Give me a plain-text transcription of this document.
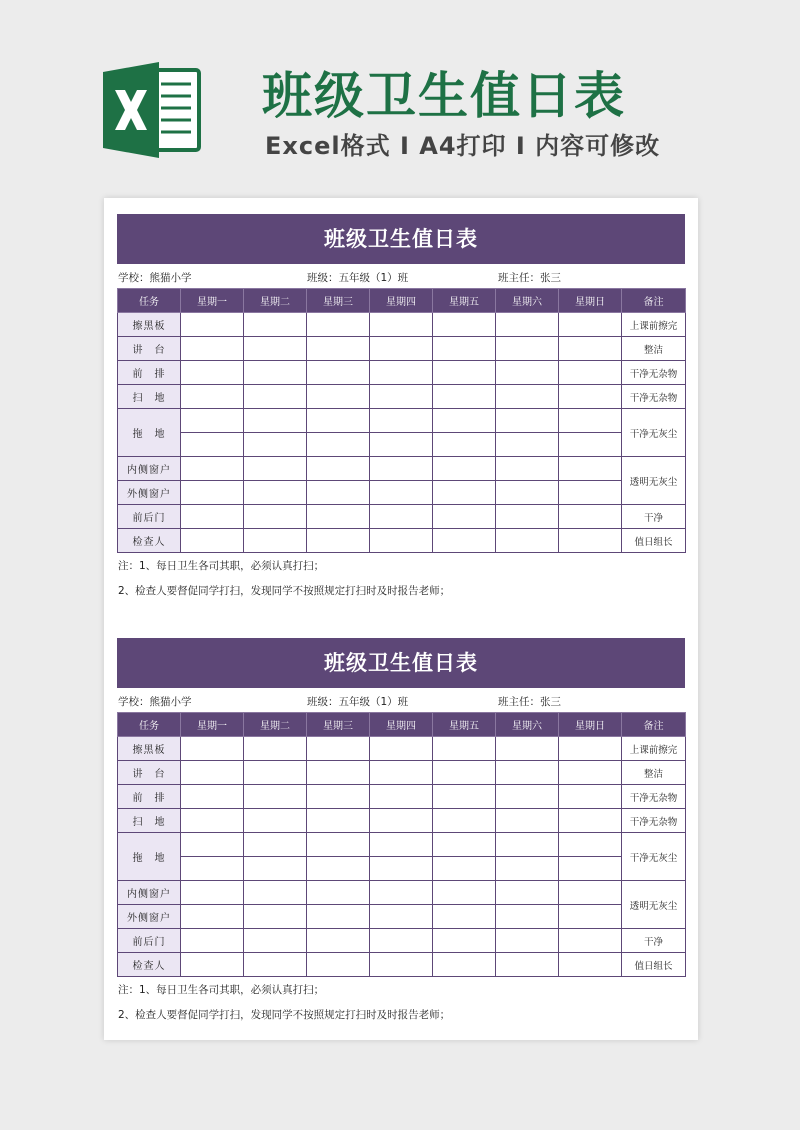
班级卫生值日表

Excel格式 I A4打印 I 内容可修改

班级卫生值日表
学校：熊猫小学	班级：五年级（1）班	班主任：张三
任务	星期一	星期二	星期三	星期四	星期五	星期六	星期日	备注
擦黑板								上课前擦完
讲　台								整洁
前　排								干净无杂物
扫　地								干净无杂物
拖　地								干净无灰尘

内侧窗户								透明无灰尘
外侧窗户								
前后门								干净
检查人								值日组长
注：1、每日卫生各司其职，必须认真打扫；
2、检查人要督促同学打扫，发现同学不按照规定打扫时及时报告老师；
班级卫生值日表
学校：熊猫小学	班级：五年级（1）班	班主任：张三
任务	星期一	星期二	星期三	星期四	星期五	星期六	星期日	备注
擦黑板								上课前擦完
讲　台								整洁
前　排								干净无杂物
扫　地								干净无杂物
拖　地								干净无灰尘

内侧窗户								透明无灰尘
外侧窗户								
前后门								干净
检查人								值日组长
注：1、每日卫生各司其职，必须认真打扫；
2、检查人要督促同学打扫，发现同学不按照规定打扫时及时报告老师；
